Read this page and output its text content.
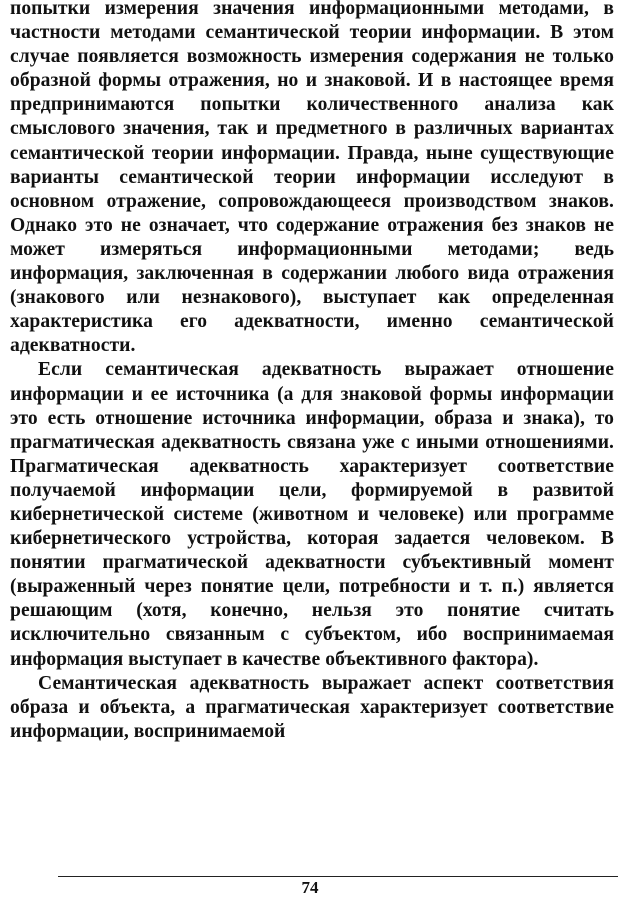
попытки измерения значения информационными методами, в частности методами семантической теории информации. В этом случае появляется возможность измерения содержания не только образной формы отражения, но и знаковой. И в настоящее время предпринимаются попытки количественного анализа как смыслового значения, так и предметного в различных вариантах семантической теории информации. Правда, ныне существующие варианты семантической теории информации исследуют в основном отражение, сопровождающееся производством знаков. Однако это не означает, что содержание отражения без знаков не может измеряться информационными методами; ведь информация, заключенная в содержании любого вида отражения (знакового или незнакового), выступает как определенная характеристика его адекватности, именно семантической адекватности.

Если семантическая адекватность выражает отношение информации и ее источника (а для знаковой формы информации это есть отношение источника информации, образа и знака), то прагматическая адекватность связана уже с иными отношениями. Прагматическая адекватность характеризует соответствие получаемой информации цели, формируемой в развитой кибернетической системе (животном и человеке) или программе кибернетического устройства, которая задается человеком. В понятии прагматической адекватности субъективный момент (выраженный через понятие цели, потребности и т. п.) является решающим (хотя, конечно, нельзя это понятие считать исключительно связанным с субъектом, ибо воспринимаемая информация выступает в качестве объективного фактора).

Семантическая адекватность выражает аспект соответствия образа и объекта, а прагматическая характеризует соответствие информации, воспринимаемой

74
